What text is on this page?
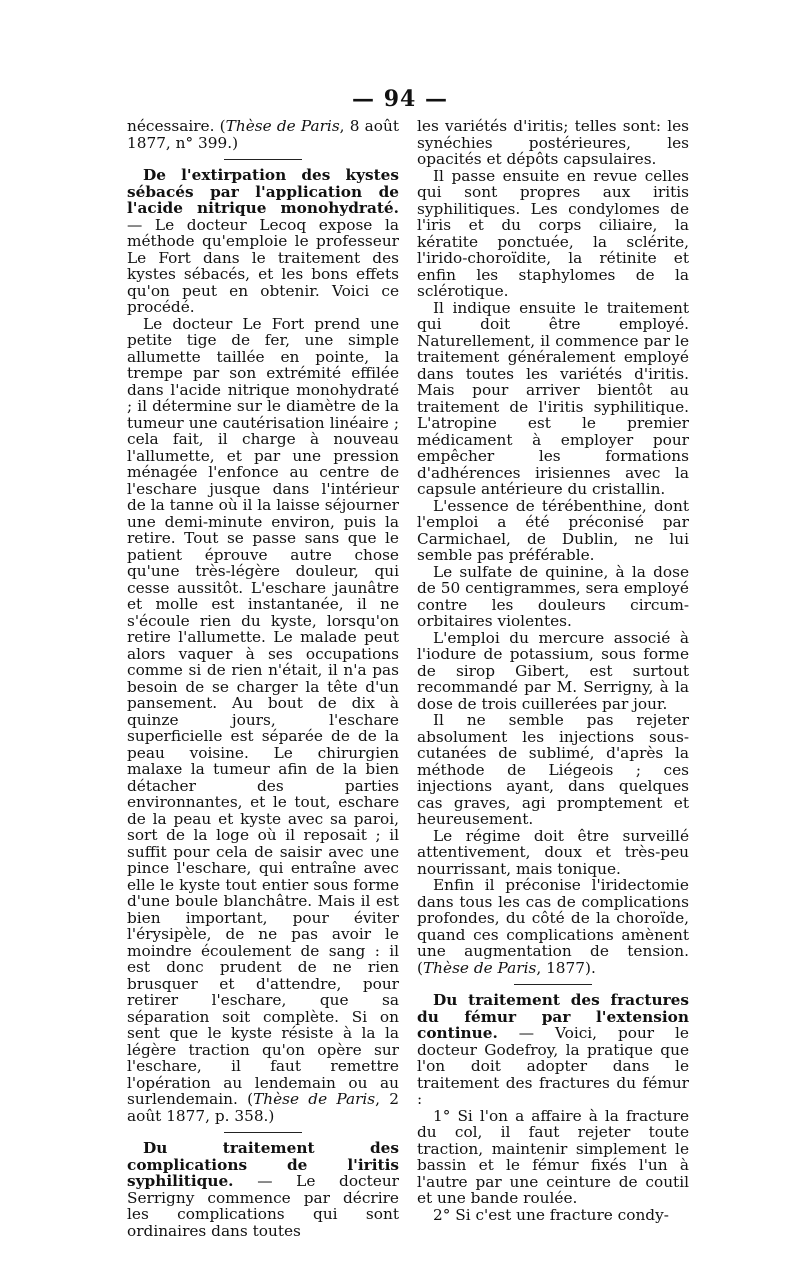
— 94 —

nécessaire. (Thèse de Paris, 8 août 1877, n° 399.)

De l'extirpation des kystes sébacés par l'application de l'acide nitrique monohydraté. — Le docteur Lecoq expose la méthode qu'emploie le professeur Le Fort dans le traitement des kystes sébacés, et les bons effets qu'on peut en obtenir. Voici ce procédé.

Le docteur Le Fort prend une petite tige de fer, une simple allumette taillée en pointe, la trempe par son extrémité effilée dans l'acide nitrique monohydraté ; il détermine sur le diamètre de la tumeur une cautérisation linéaire ; cela fait, il charge à nouveau l'allumette, et par une pression ménagée l'enfonce au centre de l'eschare jusque dans l'intérieur de la tanne où il la laisse séjourner une demi-minute environ, puis la retire. Tout se passe sans que le patient éprouve autre chose qu'une très-légère douleur, qui cesse aussitôt. L'eschare jaunâtre et molle est instantanée, il ne s'écoule rien du kyste, lorsqu'on retire l'allumette. Le malade peut alors vaquer à ses occupations comme si de rien n'était, il n'a pas besoin de se charger la tête d'un pansement. Au bout de dix à quinze jours, l'eschare superficielle est séparée de de la peau voisine. Le chirurgien malaxe la tumeur afin de la bien détacher des parties environnantes, et le tout, eschare de la peau et kyste avec sa paroi, sort de la loge où il reposait ; il suffit pour cela de saisir avec une pince l'eschare, qui entraîne avec elle le kyste tout entier sous forme d'une boule blanchâtre. Mais il est bien important, pour éviter l'érysipèle, de ne pas avoir le moindre écoulement de sang : il est donc prudent de ne rien brusquer et d'attendre, pour retirer l'eschare, que sa séparation soit complète. Si on sent que le kyste résiste à la la légère traction qu'on opère sur l'eschare, il faut remettre l'opération au lendemain ou au surlendemain. (Thèse de Paris, 2 août 1877, p. 358.)

Du traitement des complications de l'iritis syphilitique. — Le docteur Serrigny commence par décrire les complications qui sont ordinaires dans toutes

les variétés d'iritis; telles sont: les synéchies postérieures, les opacités et dépôts capsulaires.

Il passe ensuite en revue celles qui sont propres aux iritis syphilitiques. Les condylomes de l'iris et du corps ciliaire, la kératite ponctuée, la sclérite, l'irido-choroïdite, la rétinite et enfin les staphylomes de la sclérotique.

Il indique ensuite le traitement qui doit être employé. Naturellement, il commence par le traitement généralement employé dans toutes les variétés d'iritis. Mais pour arriver bientôt au traitement de l'iritis syphilitique. L'atropine est le premier médicament à employer pour empêcher les formations d'adhérences irisiennes avec la capsule antérieure du cristallin.

L'essence de térébenthine, dont l'emploi a été préconisé par Carmichael, de Dublin, ne lui semble pas préférable.

Le sulfate de quinine, à la dose de 50 centigrammes, sera employé contre les douleurs circum-orbitaires violentes.

L'emploi du mercure associé à l'iodure de potassium, sous forme de sirop Gibert, est surtout recommandé par M. Serrigny, à la dose de trois cuillerées par jour.

Il ne semble pas rejeter absolument les injections sous-cutanées de sublimé, d'après la méthode de Liégeois ; ces injections ayant, dans quelques cas graves, agi promptement et heureusement.

Le régime doit être surveillé attentivement, doux et très-peu nourrissant, mais tonique.

Enfin il préconise l'iridectomie dans tous les cas de complications profondes, du côté de la choroïde, quand ces complications amènent une augmentation de tension. (Thèse de Paris, 1877).

Du traitement des fractures du fémur par l'extension continue. — Voici, pour le docteur Godefroy, la pratique que l'on doit adopter dans le traitement des fractures du fémur :

1° Si l'on a affaire à la fracture du col, il faut rejeter toute traction, maintenir simplement le bassin et le fémur fixés l'un à l'autre par une ceinture de coutil et une bande roulée.

2° Si c'est une fracture condy-
